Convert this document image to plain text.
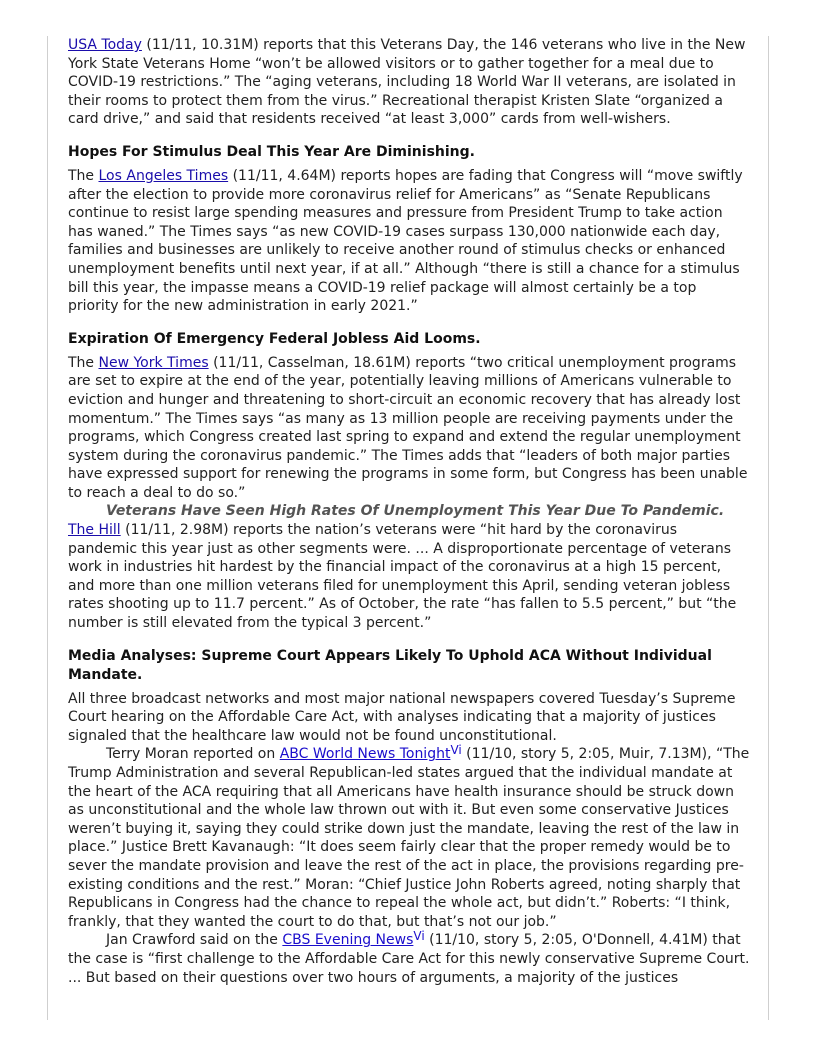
USA Today (11/11, 10.31M) reports that this Veterans Day, the 146 veterans who live in the New York State Veterans Home “won’t be allowed visitors or to gather together for a meal due to COVID-19 restrictions.” The “aging veterans, including 18 World War II veterans, are isolated in their rooms to protect them from the virus.” Recreational therapist Kristen Slate “organized a card drive,” and said that residents received “at least 3,000” cards from well-wishers.

Hopes For Stimulus Deal This Year Are Diminishing.

The Los Angeles Times (11/11, 4.64M) reports hopes are fading that Congress will “move swiftly after the election to provide more coronavirus relief for Americans” as “Senate Republicans continue to resist large spending measures and pressure from President Trump to take action has waned.” The Times says “as new COVID-19 cases surpass 130,000 nationwide each day, families and businesses are unlikely to receive another round of stimulus checks or enhanced unemployment benefits until next year, if at all.” Although “there is still a chance for a stimulus bill this year, the impasse means a COVID-19 relief package will almost certainly be a top priority for the new administration in early 2021.”

Expiration Of Emergency Federal Jobless Aid Looms.

The New York Times (11/11, Casselman, 18.61M) reports “two critical unemployment programs are set to expire at the end of the year, potentially leaving millions of Americans vulnerable to eviction and hunger and threatening to short-circuit an economic recovery that has already lost momentum.” The Times says “as many as 13 million people are receiving payments under the programs, which Congress created last spring to expand and extend the regular unemployment system during the coronavirus pandemic.” The Times adds that “leaders of both major parties have expressed support for renewing the programs in some form, but Congress has been unable to reach a deal to do so.”

Veterans Have Seen High Rates Of Unemployment This Year Due To Pandemic.

The Hill (11/11, 2.98M) reports the nation’s veterans were “hit hard by the coronavirus pandemic this year just as other segments were. ... A disproportionate percentage of veterans work in industries hit hardest by the financial impact of the coronavirus at a high 15 percent, and more than one million veterans filed for unemployment this April, sending veteran jobless rates shooting up to 11.7 percent.” As of October, the rate “has fallen to 5.5 percent,” but “the number is still elevated from the typical 3 percent.”

Media Analyses: Supreme Court Appears Likely To Uphold ACA Without Individual Mandate.

All three broadcast networks and most major national newspapers covered Tuesday’s Supreme Court hearing on the Affordable Care Act, with analyses indicating that a majority of justices signaled that the healthcare law would not be found unconstitutional.

Terry Moran reported on ABC World News Tonight$^{Vi}$ (11/10, story 5, 2:05, Muir, 7.13M), “The Trump Administration and several Republican-led states argued that the individual mandate at the heart of the ACA requiring that all Americans have health insurance should be struck down as unconstitutional and the whole law thrown out with it. But even some conservative Justices weren’t buying it, saying they could strike down just the mandate, leaving the rest of the law in place.” Justice Brett Kavanaugh: “It does seem fairly clear that the proper remedy would be to sever the mandate provision and leave the rest of the act in place, the provisions regarding pre-existing conditions and the rest.” Moran: “Chief Justice John Roberts agreed, noting sharply that Republicans in Congress had the chance to repeal the whole act, but didn’t.” Roberts: “I think, frankly, that they wanted the court to do that, but that’s not our job.”

Jan Crawford said on the CBS Evening News$^{Vi}$ (11/10, story 5, 2:05, O'Donnell, 4.41M) that the case is “first challenge to the Affordable Care Act for this newly conservative Supreme Court. ... But based on their questions over two hours of arguments, a majority of the justices
